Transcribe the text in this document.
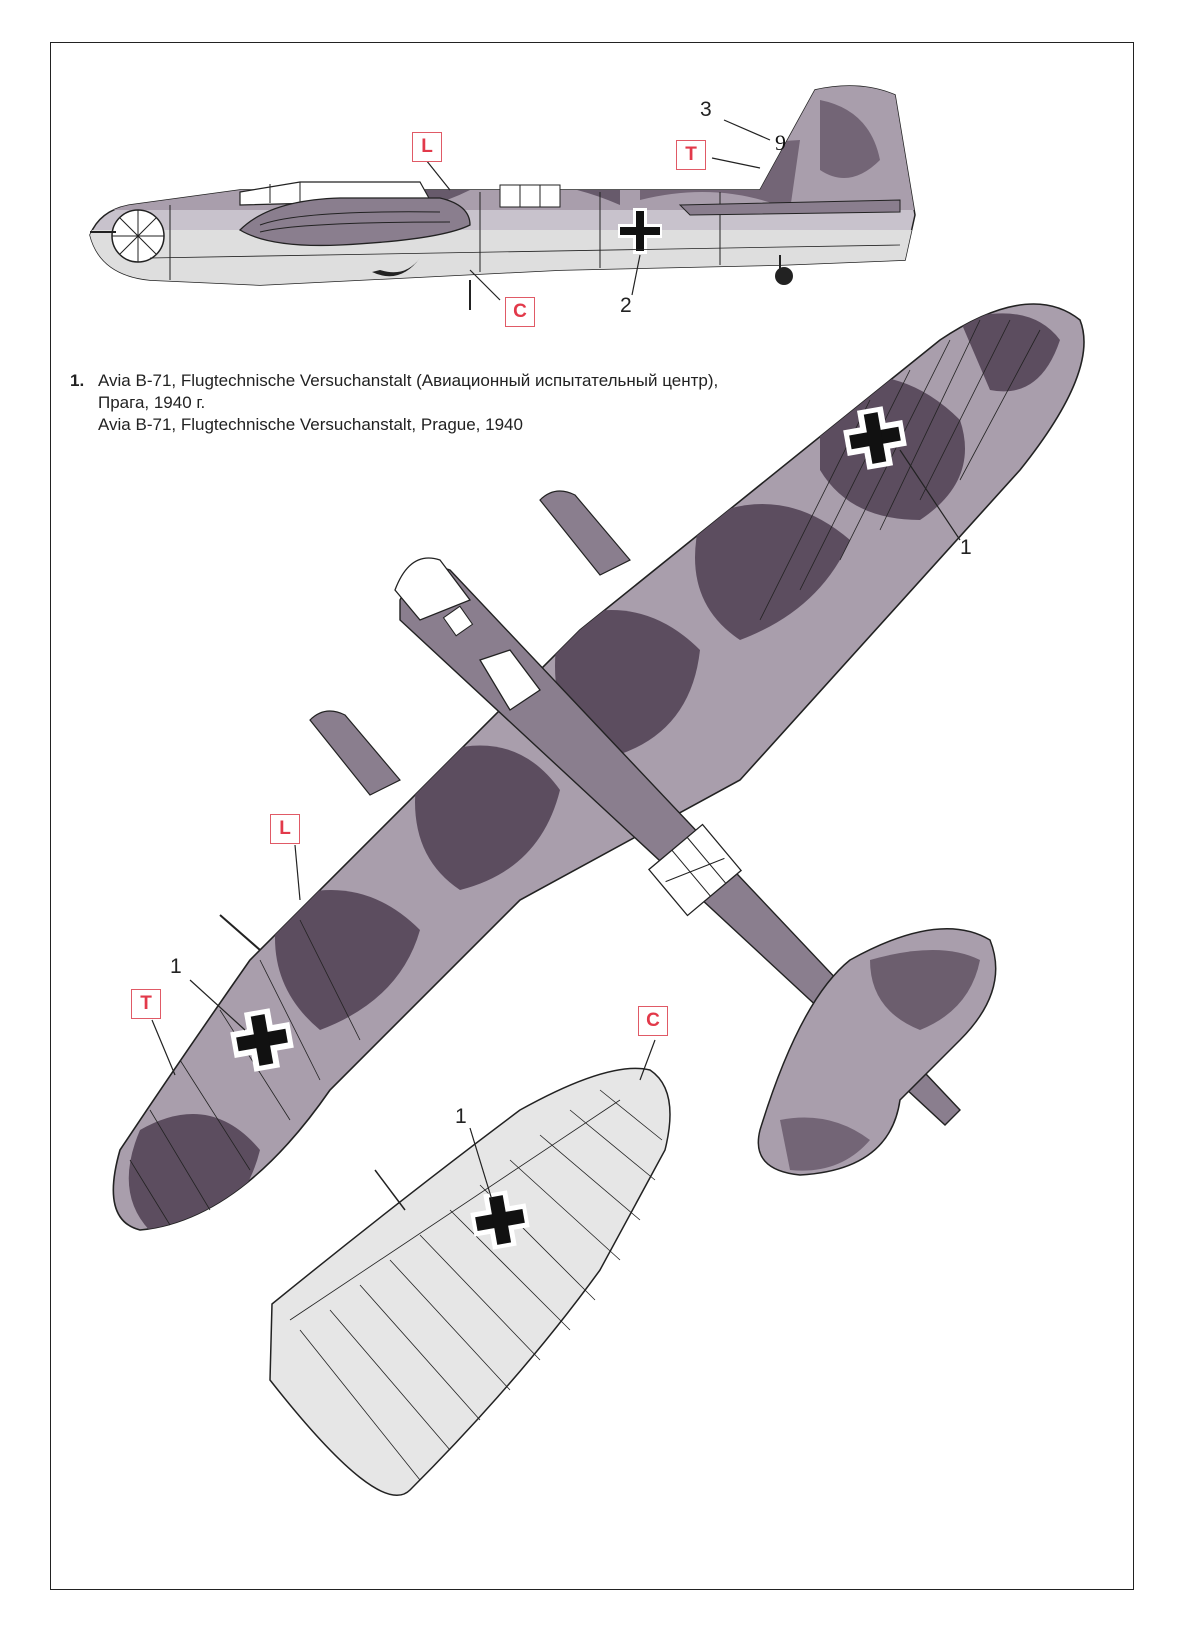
9
1. Avia B-71, Flugtechnische Versuchanstalt (Авиационный испытательный центр),
Прага, 1940 г.
Avia B-71, Flugtechnische Versuchanstalt, Prague, 1940
L	T
C
L
T
C
3
2
1
1
1
